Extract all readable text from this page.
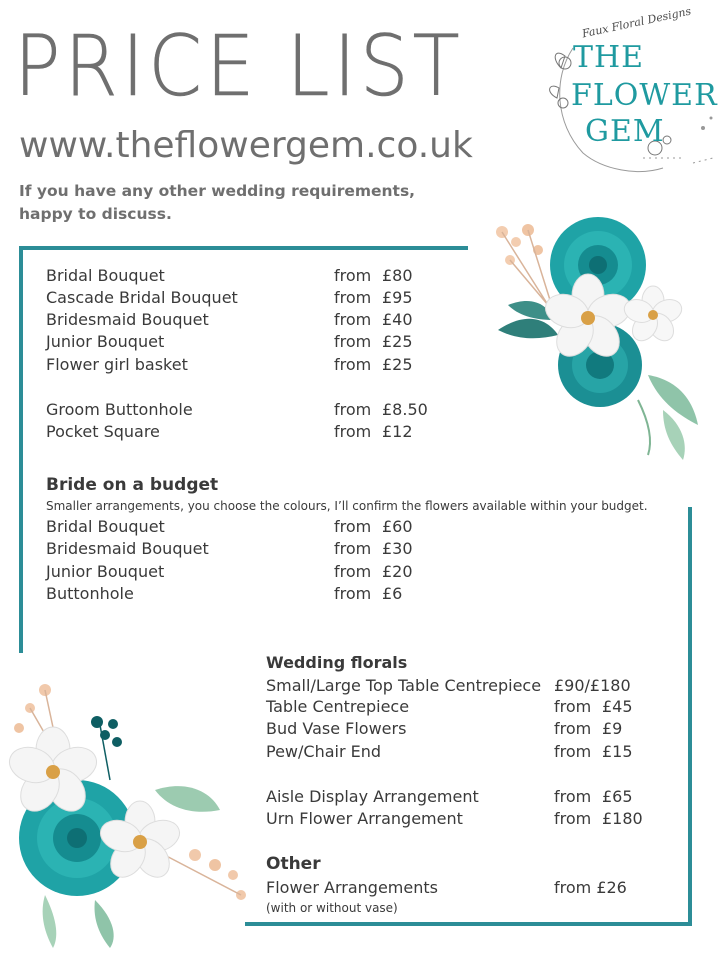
PRICE LIST
www.theflowergem.co.uk
If you have any other wedding requirements,
happy to discuss.
Faux Floral Designs
THE
FLOWER
GEM
Bridal Bouquet	from £80
Cascade Bridal Bouquet	from £95
Bridesmaid Bouquet	from £40
Junior Bouquet	from £25
Flower girl basket	from £25
Groom Buttonhole	from £8.50
Pocket Square	from £12
Bride on a budget
Smaller arrangements, you choose the colours, I’ll confirm the flowers available within your budget.
Bridal Bouquet	from £60
Bridesmaid Bouquet	from £30
Junior Bouquet	from £20
Buttonhole	from £6
Wedding florals
Small/Large Top Table Centrepiece £90/£180
Table Centrepiece	from £45
Bud Vase Flowers	from £9
Pew/Chair End	from £15
Aisle Display Arrangement	from £65
Urn Flower Arrangement	from £180
Other
Flower Arrangements	from £26
(with or without vase)
